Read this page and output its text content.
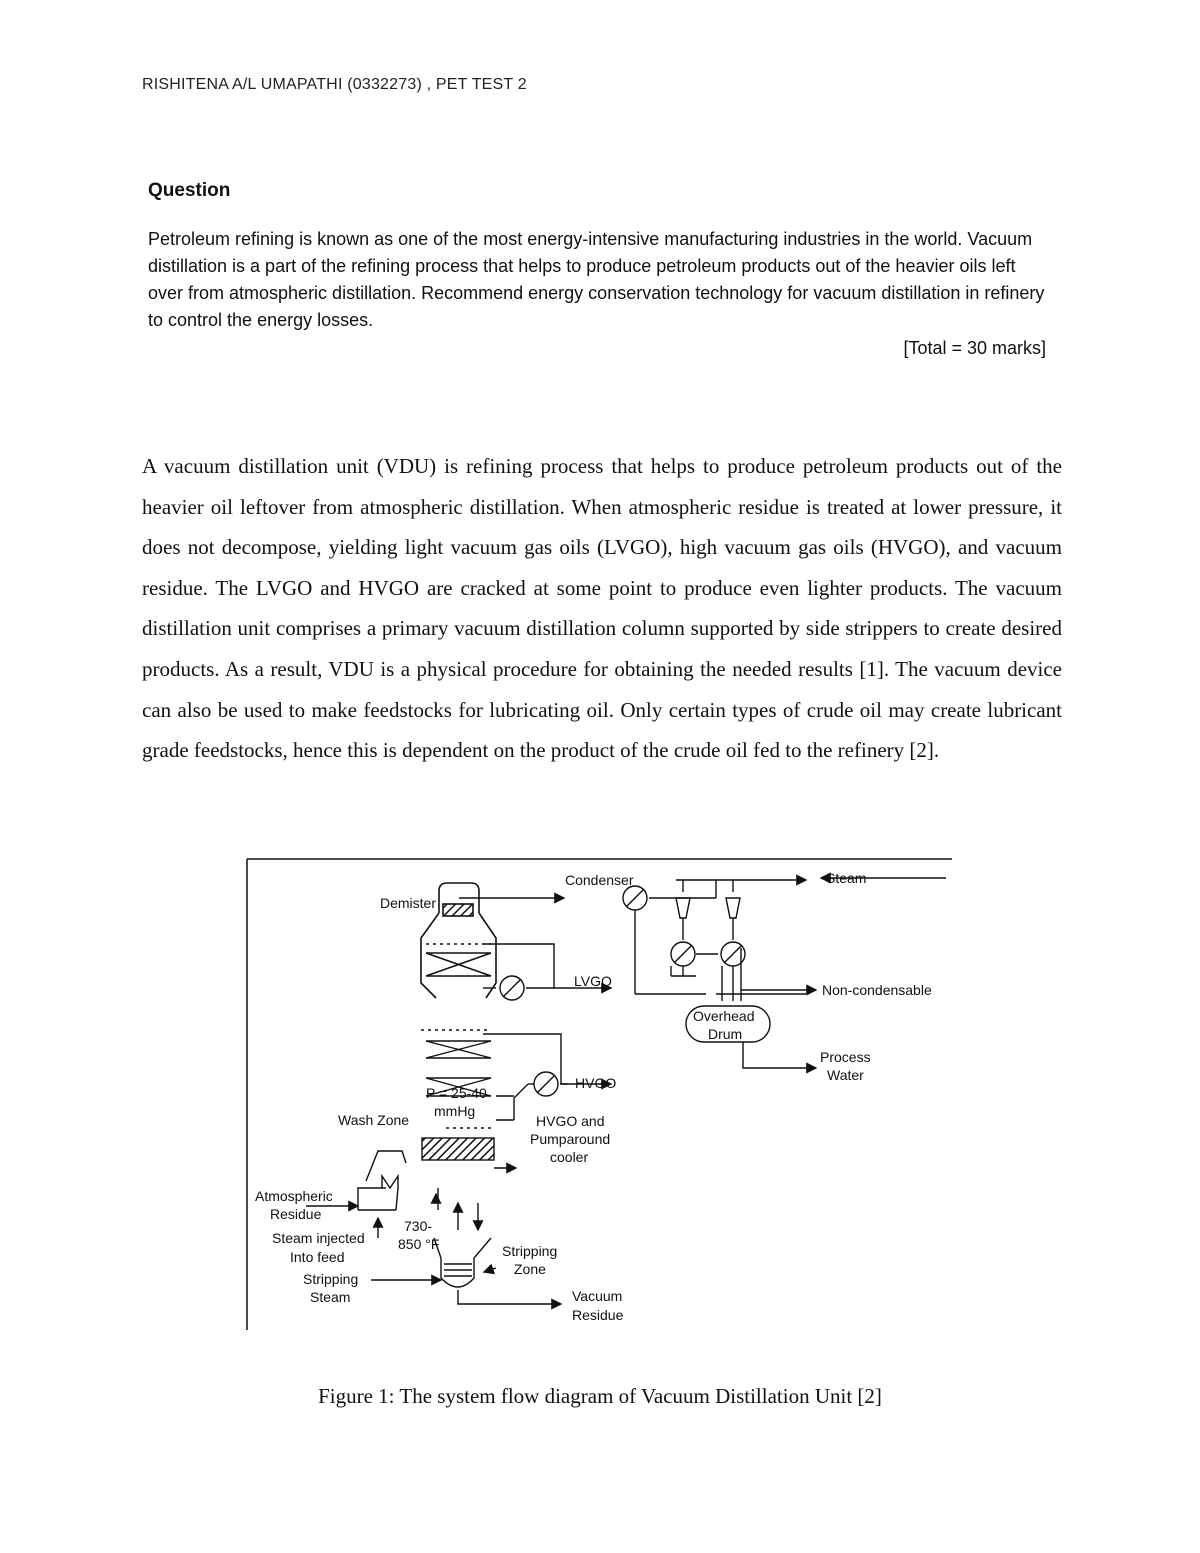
RISHITENA A/L UMAPATHI (0332273) , PET TEST 2
Question

Petroleum refining is known as one of the most energy-intensive manufacturing industries in the world. Vacuum distillation is a part of the refining process that helps to produce petroleum products out of the heavier oils left over from atmospheric distillation. Recommend energy conservation technology for vacuum distillation in refinery to control the energy losses.

[Total = 30 marks]

A vacuum distillation unit (VDU) is refining process that helps to produce petroleum products out of the heavier oil leftover from atmospheric distillation. When atmospheric residue is treated at lower pressure, it does not decompose, yielding light vacuum gas oils (LVGO), high vacuum gas oils (HVGO), and vacuum residue. The LVGO and HVGO are cracked at some point to produce even lighter products. The vacuum distillation unit comprises a primary vacuum distillation column supported by side strippers to create desired products. As a result, VDU is a physical procedure for obtaining the needed results [1]. The vacuum device can also be used to make feedstocks for lubricating oil. Only certain types of crude oil may create lubricant grade feedstocks, hence this is dependent on the product of the crude oil fed to the refinery [2].

Condenser	Steam
Demister
LVGO
Non-condensable
Overhead
Drum
Process
Water
HVGO
P = 25-40
mmHg
Wash Zone	HVGO and
Pumparound
cooler
Atmospheric
Residue
730-
850 °F
Steam injected
Into feed	Stripping
Zone
Stripping
Steam	Vacuum
Residue
Figure 1: The system flow diagram of Vacuum Distillation Unit [2]
